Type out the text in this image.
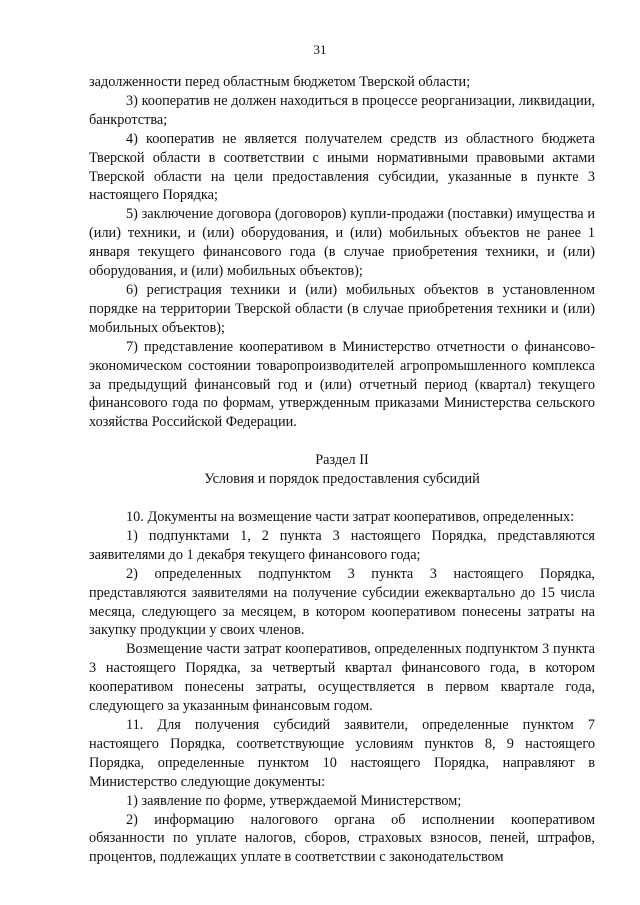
31

задолженности перед областным бюджетом Тверской области;

3) кооператив не должен находиться в процессе реорганизации, ликвидации, банкротства;

4) кооператив не является получателем средств из областного бюджета Тверской области в соответствии с иными нормативными правовыми актами Тверской области на цели предоставления субсидии, указанные в пункте 3 настоящего Порядка;

5) заключение договора (договоров) купли-продажи (поставки) имущества и (или) техники, и (или) оборудования, и (или) мобильных объектов не ранее 1 января текущего финансового года (в случае приобретения техники, и (или) оборудования, и (или) мобильных объектов);

6) регистрация техники и (или) мобильных объектов в установленном порядке на территории Тверской области (в случае приобретения техники и (или) мобильных объектов);

7) представление кооперативом в Министерство отчетности о финансово-экономическом состоянии товаропроизводителей агропромышленного комплекса за предыдущий финансовый год и (или) отчетный период (квартал) текущего финансового года по формам, утвержденным приказами Министерства сельского хозяйства Российской Федерации.

Раздел II
Условия и порядок предоставления субсидий

10. Документы на возмещение части затрат кооперативов, определенных:

1) подпунктами 1, 2 пункта 3 настоящего Порядка, представляются заявителями до 1 декабря текущего финансового года;

2) определенных подпунктом 3 пункта 3 настоящего Порядка, представляются заявителями на получение субсидии ежеквартально до 15 числа месяца, следующего за месяцем, в котором кооперативом понесены затраты на закупку продукции у своих членов.

Возмещение части затрат кооперативов, определенных подпунктом 3 пункта 3 настоящего Порядка, за четвертый квартал финансового года, в котором кооперативом понесены затраты, осуществляется в первом квартале года, следующего за указанным финансовым годом.

11. Для получения субсидий заявители, определенные пунктом 7 настоящего Порядка, соответствующие условиям пунктов 8, 9 настоящего Порядка, определенные пунктом 10 настоящего Порядка, направляют в Министерство следующие документы:

1) заявление по форме, утверждаемой Министерством;

2) информацию налогового органа об исполнении кооперативом обязанности по уплате налогов, сборов, страховых взносов, пеней, штрафов, процентов, подлежащих уплате в соответствии с законодательством
